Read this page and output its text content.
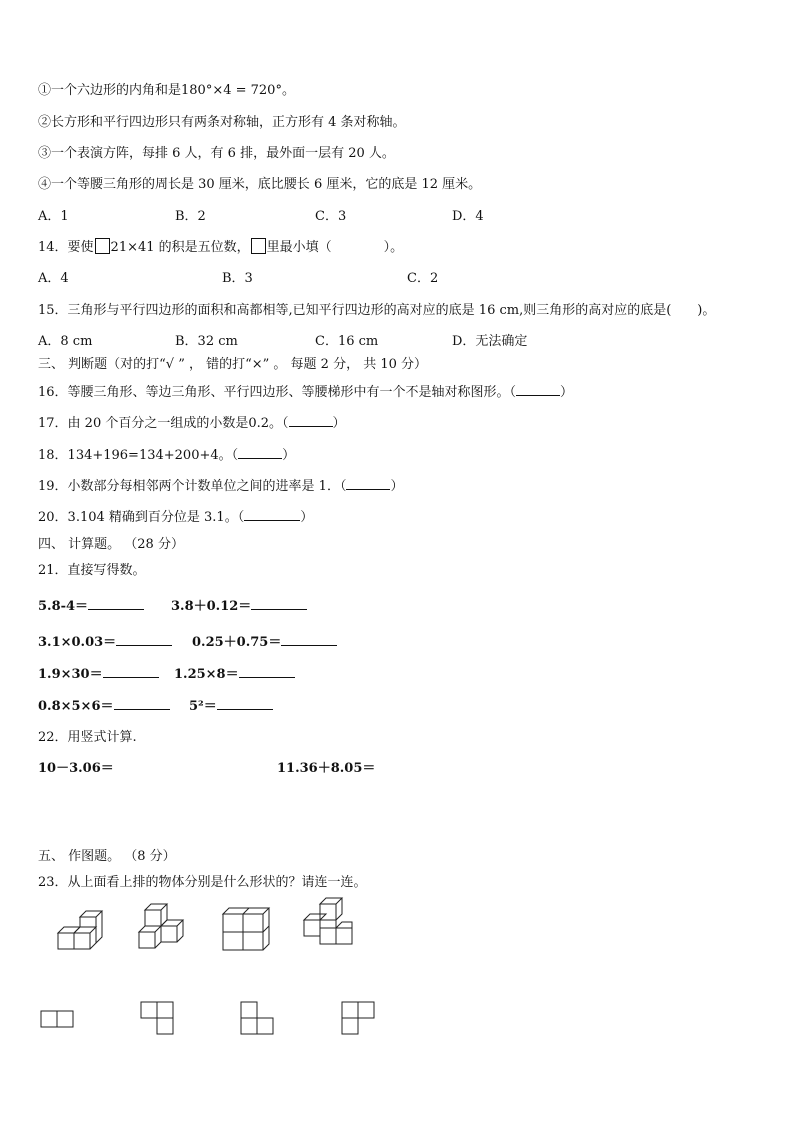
①一个六边形的内角和是180°×4 = 720°。
②长方形和平行四边形只有两条对称轴，正方形有 4 条对称轴。
③一个表演方阵，每排 6 人，有 6 排，最外面一层有 20 人。
④一个等腰三角形的周长是 30 厘米，底比腰长 6 厘米，它的底是 12 厘米。
A．1	B．2	C．3	D．4
14．要使 21×41 的积是五位数， 里最小填（　　　　）。
A．4	B．3	C．2
15．三角形与平行四边形的面积和高都相等,已知平行四边形的高对应的底是 16 cm,则三角形的高对应的底是(　　)。
A．8 cm	B．32 cm	C．16 cm	D．无法确定
三、 判断题（对的打“√ ” ， 错的打“×” 。 每题 2 分， 共 10 分）
16．等腰三角形、等边三角形、平行四边形、等腰梯形中有一个不是轴对称图形。（	）
17．由 20 个百分之一组成的小数是0.2。（	）
18．134+196=134+200+4。（	）
19．小数部分每相邻两个计数单位之间的进率是 1．（	）
20．3.104 精确到百分位是 3.1。（	）
四、 计算题。 （28 分）
21．直接写得数。
5.8-4＝	3.8＋0.12＝
3.1×0.03＝	0.25＋0.75＝
1.9×30＝	1.25×8＝
0.8×5×6＝	5²＝
22．用竖式计算.
10－3.06＝	11.36＋8.05＝
五、 作图题。 （8 分）
23．从上面看上排的物体分别是什么形状的？请连一连。
